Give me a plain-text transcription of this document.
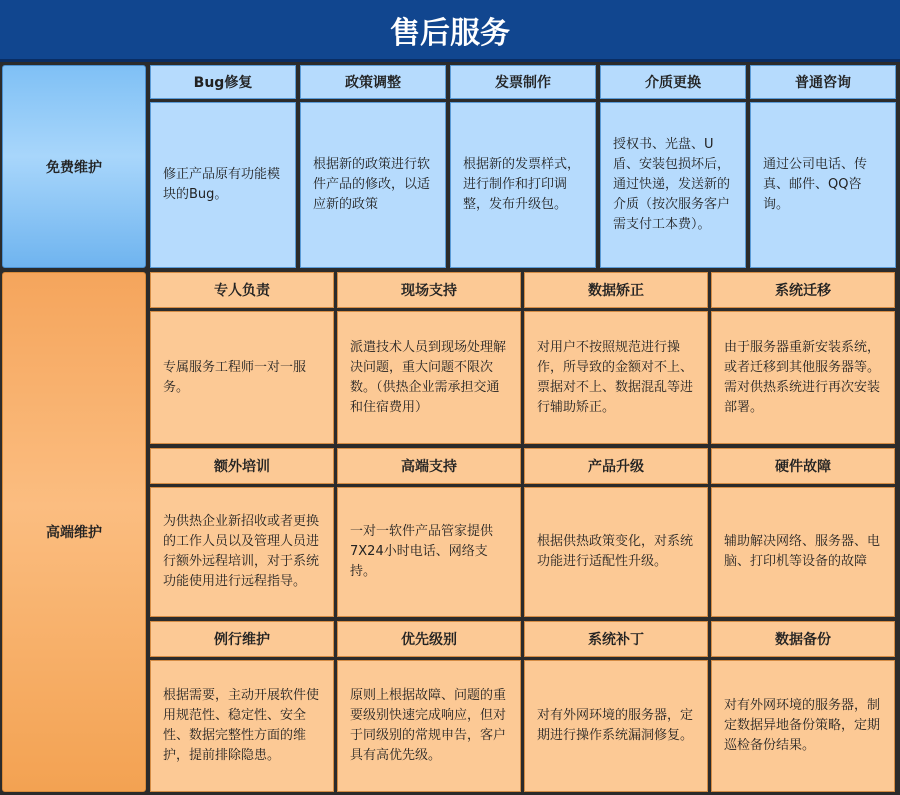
售后服务
免费维护
高端维护
Bug修复
修正产品原有功能模块的Bug。
政策调整
根据新的政策进行软件产品的修改，以适应新的政策
发票制作
根据新的发票样式，进行制作和打印调整，发布升级包。
介质更换
授权书、光盘、U盾、安装包损坏后，通过快递，发送新的介质（按次服务客户需支付工本费）。
普通咨询
通过公司电话、传真、邮件、QQ咨询。
专人负责
专属服务工程师一对一服务。
现场支持
派遣技术人员到现场处理解决问题，重大问题不限次数。（供热企业需承担交通和住宿费用）
数据矫正
对用户不按照规范进行操作，所导致的金额对不上、票据对不上、数据混乱等进行辅助矫正。
系统迁移
由于服务器重新安装系统，或者迁移到其他服务器等。需对供热系统进行再次安装部署。
额外培训
为供热企业新招收或者更换的工作人员以及管理人员进行额外远程培训，对于系统功能使用进行远程指导。
高端支持
一对一软件产品管家提供7X24小时电话、网络支持。
产品升级
根据供热政策变化，对系统功能进行适配性升级。
硬件故障
辅助解决网络、服务器、电脑、打印机等设备的故障
例行维护
根据需要，主动开展软件使用规范性、稳定性、安全性、数据完整性方面的维护，提前排除隐患。
优先级别
原则上根据故障、问题的重要级别快速完成响应，但对于同级别的常规申告，客户具有高优先级。
系统补丁
对有外网环境的服务器，定期进行操作系统漏洞修复。
数据备份
对有外网环境的服务器，制定数据异地备份策略，定期巡检备份结果。
